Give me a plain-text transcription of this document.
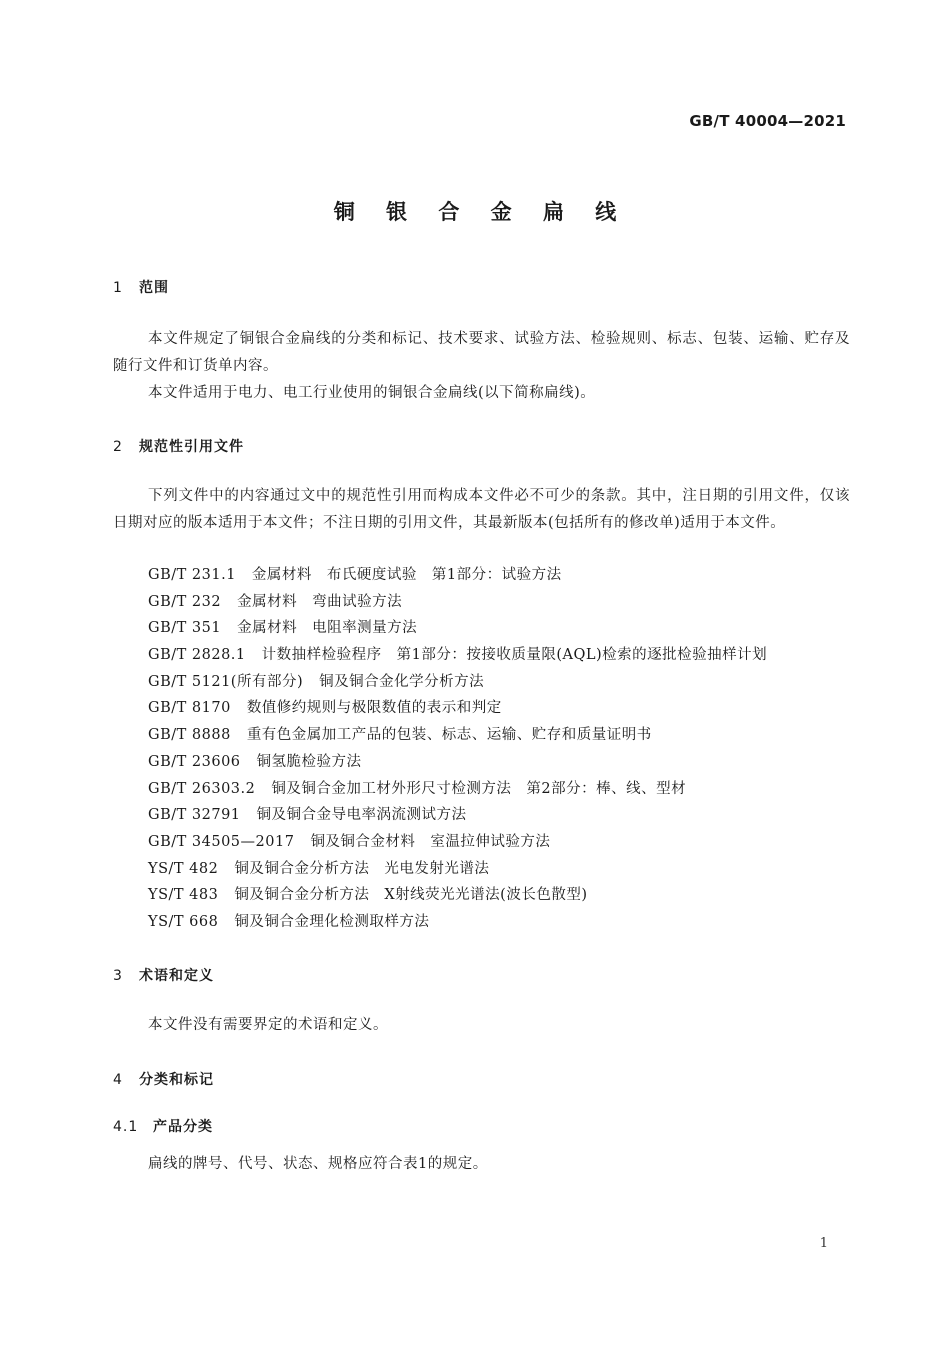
GB/T 40004—2021
铜 银 合 金 扁 线
1 范围

本文件规定了铜银合金扁线的分类和标记、技术要求、试验方法、检验规则、标志、包装、运输、贮存及随行文件和订货单内容。

本文件适用于电力、电工行业使用的铜银合金扁线(以下简称扁线)。

2 规范性引用文件

下列文件中的内容通过文中的规范性引用而构成本文件必不可少的条款。其中，注日期的引用文件，仅该日期对应的版本适用于本文件；不注日期的引用文件，其最新版本(包括所有的修改单)适用于本文件。

GB/T 231.1 金属材料　布氏硬度试验　第1部分：试验方法
GB/T 232 金属材料　弯曲试验方法
GB/T 351 金属材料　电阻率测量方法
GB/T 2828.1 计数抽样检验程序　第1部分：按接收质量限(AQL)检索的逐批检验抽样计划
GB/T 5121(所有部分) 铜及铜合金化学分析方法
GB/T 8170 数值修约规则与极限数值的表示和判定
GB/T 8888 重有色金属加工产品的包装、标志、运输、贮存和质量证明书
GB/T 23606 铜氢脆检验方法
GB/T 26303.2 铜及铜合金加工材外形尺寸检测方法　第2部分：棒、线、型材
GB/T 32791 铜及铜合金导电率涡流测试方法
GB/T 34505—2017 铜及铜合金材料　室温拉伸试验方法
YS/T 482 铜及铜合金分析方法　光电发射光谱法
YS/T 483 铜及铜合金分析方法　X射线荧光光谱法(波长色散型)
YS/T 668 铜及铜合金理化检测取样方法
3 术语和定义

本文件没有需要界定的术语和定义。

4 分类和标记
4.1 产品分类

扁线的牌号、代号、状态、规格应符合表1的规定。

1
